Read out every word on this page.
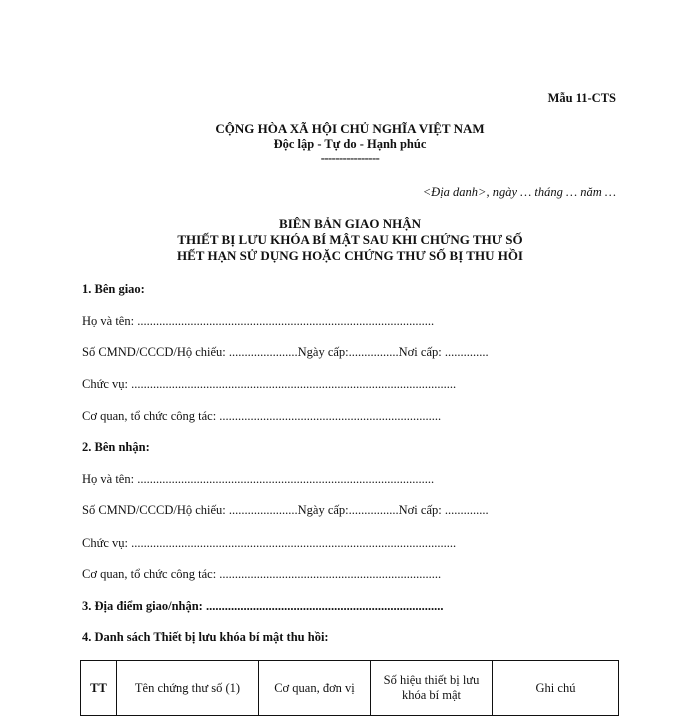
Mẫu 11-CTS
CỘNG HÒA XÃ HỘI CHỦ NGHĨA VIỆT NAM
Độc lập - Tự do - Hạnh phúc
----------------
<Địa danh>, ngày … tháng … năm …
BIÊN BẢN GIAO NHẬN
THIẾT BỊ LƯU KHÓA BÍ MẬT SAU KHI CHỨNG THƯ SỐ
HẾT HẠN SỬ DỤNG HOẶC CHỨNG THƯ SỐ BỊ THU HỒI
1. Bên giao:
Họ và tên: ...............................................................................................
Số CMND/CCCD/Hộ chiếu: ......................Ngày cấp:................Nơi cấp: ..............
Chức vụ: ........................................................................................................
Cơ quan, tổ chức công tác: .......................................................................
2. Bên nhận:
Họ và tên: ...............................................................................................
Số CMND/CCCD/Hộ chiếu: ......................Ngày cấp:................Nơi cấp: ..............
Chức vụ: ........................................................................................................
Cơ quan, tổ chức công tác: .......................................................................
3. Địa điểm giao/nhận: ............................................................................
4. Danh sách Thiết bị lưu khóa bí mật thu hồi:
TT	Tên chứng thư số (1)	Cơ quan, đơn vị	Số hiệu thiết bị lưu khóa bí mật	Ghi chú
